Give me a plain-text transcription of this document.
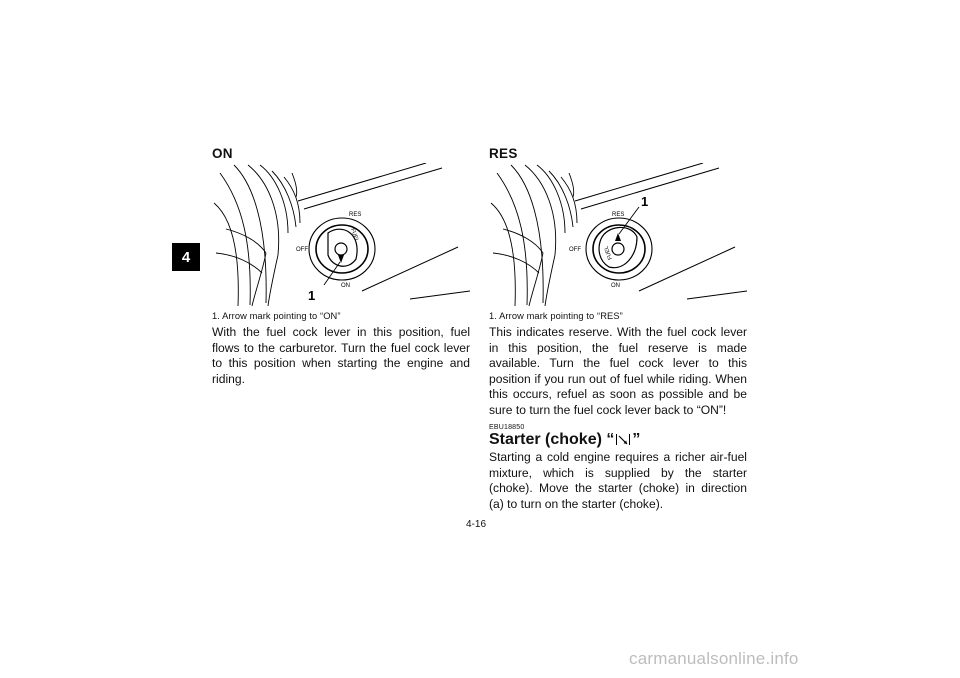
4
ON
RES
OFF
ON
FUEL
1
1. Arrow mark pointing to “ON”
With the fuel cock lever in this position, fuel flows to the carburetor. Turn the fuel cock lever to this position when starting the engine and riding.
RES
RES
OFF
ON
FUEL
1
1. Arrow mark pointing to “RES”
This indicates reserve. With the fuel cock lever in this position, the fuel reserve is made available. Turn the fuel cock lever to this position if you run out of fuel while riding. When this occurs, refuel as soon as possible and be sure to turn the fuel cock lever back to “ON”!
EBU18850
Starter (choke) “ ”
Starting a cold engine requires a richer air-fuel mixture, which is supplied by the starter (choke). Move the starter (choke) in direction (a) to turn on the starter (choke).
4-16
carmanualsonline.info
